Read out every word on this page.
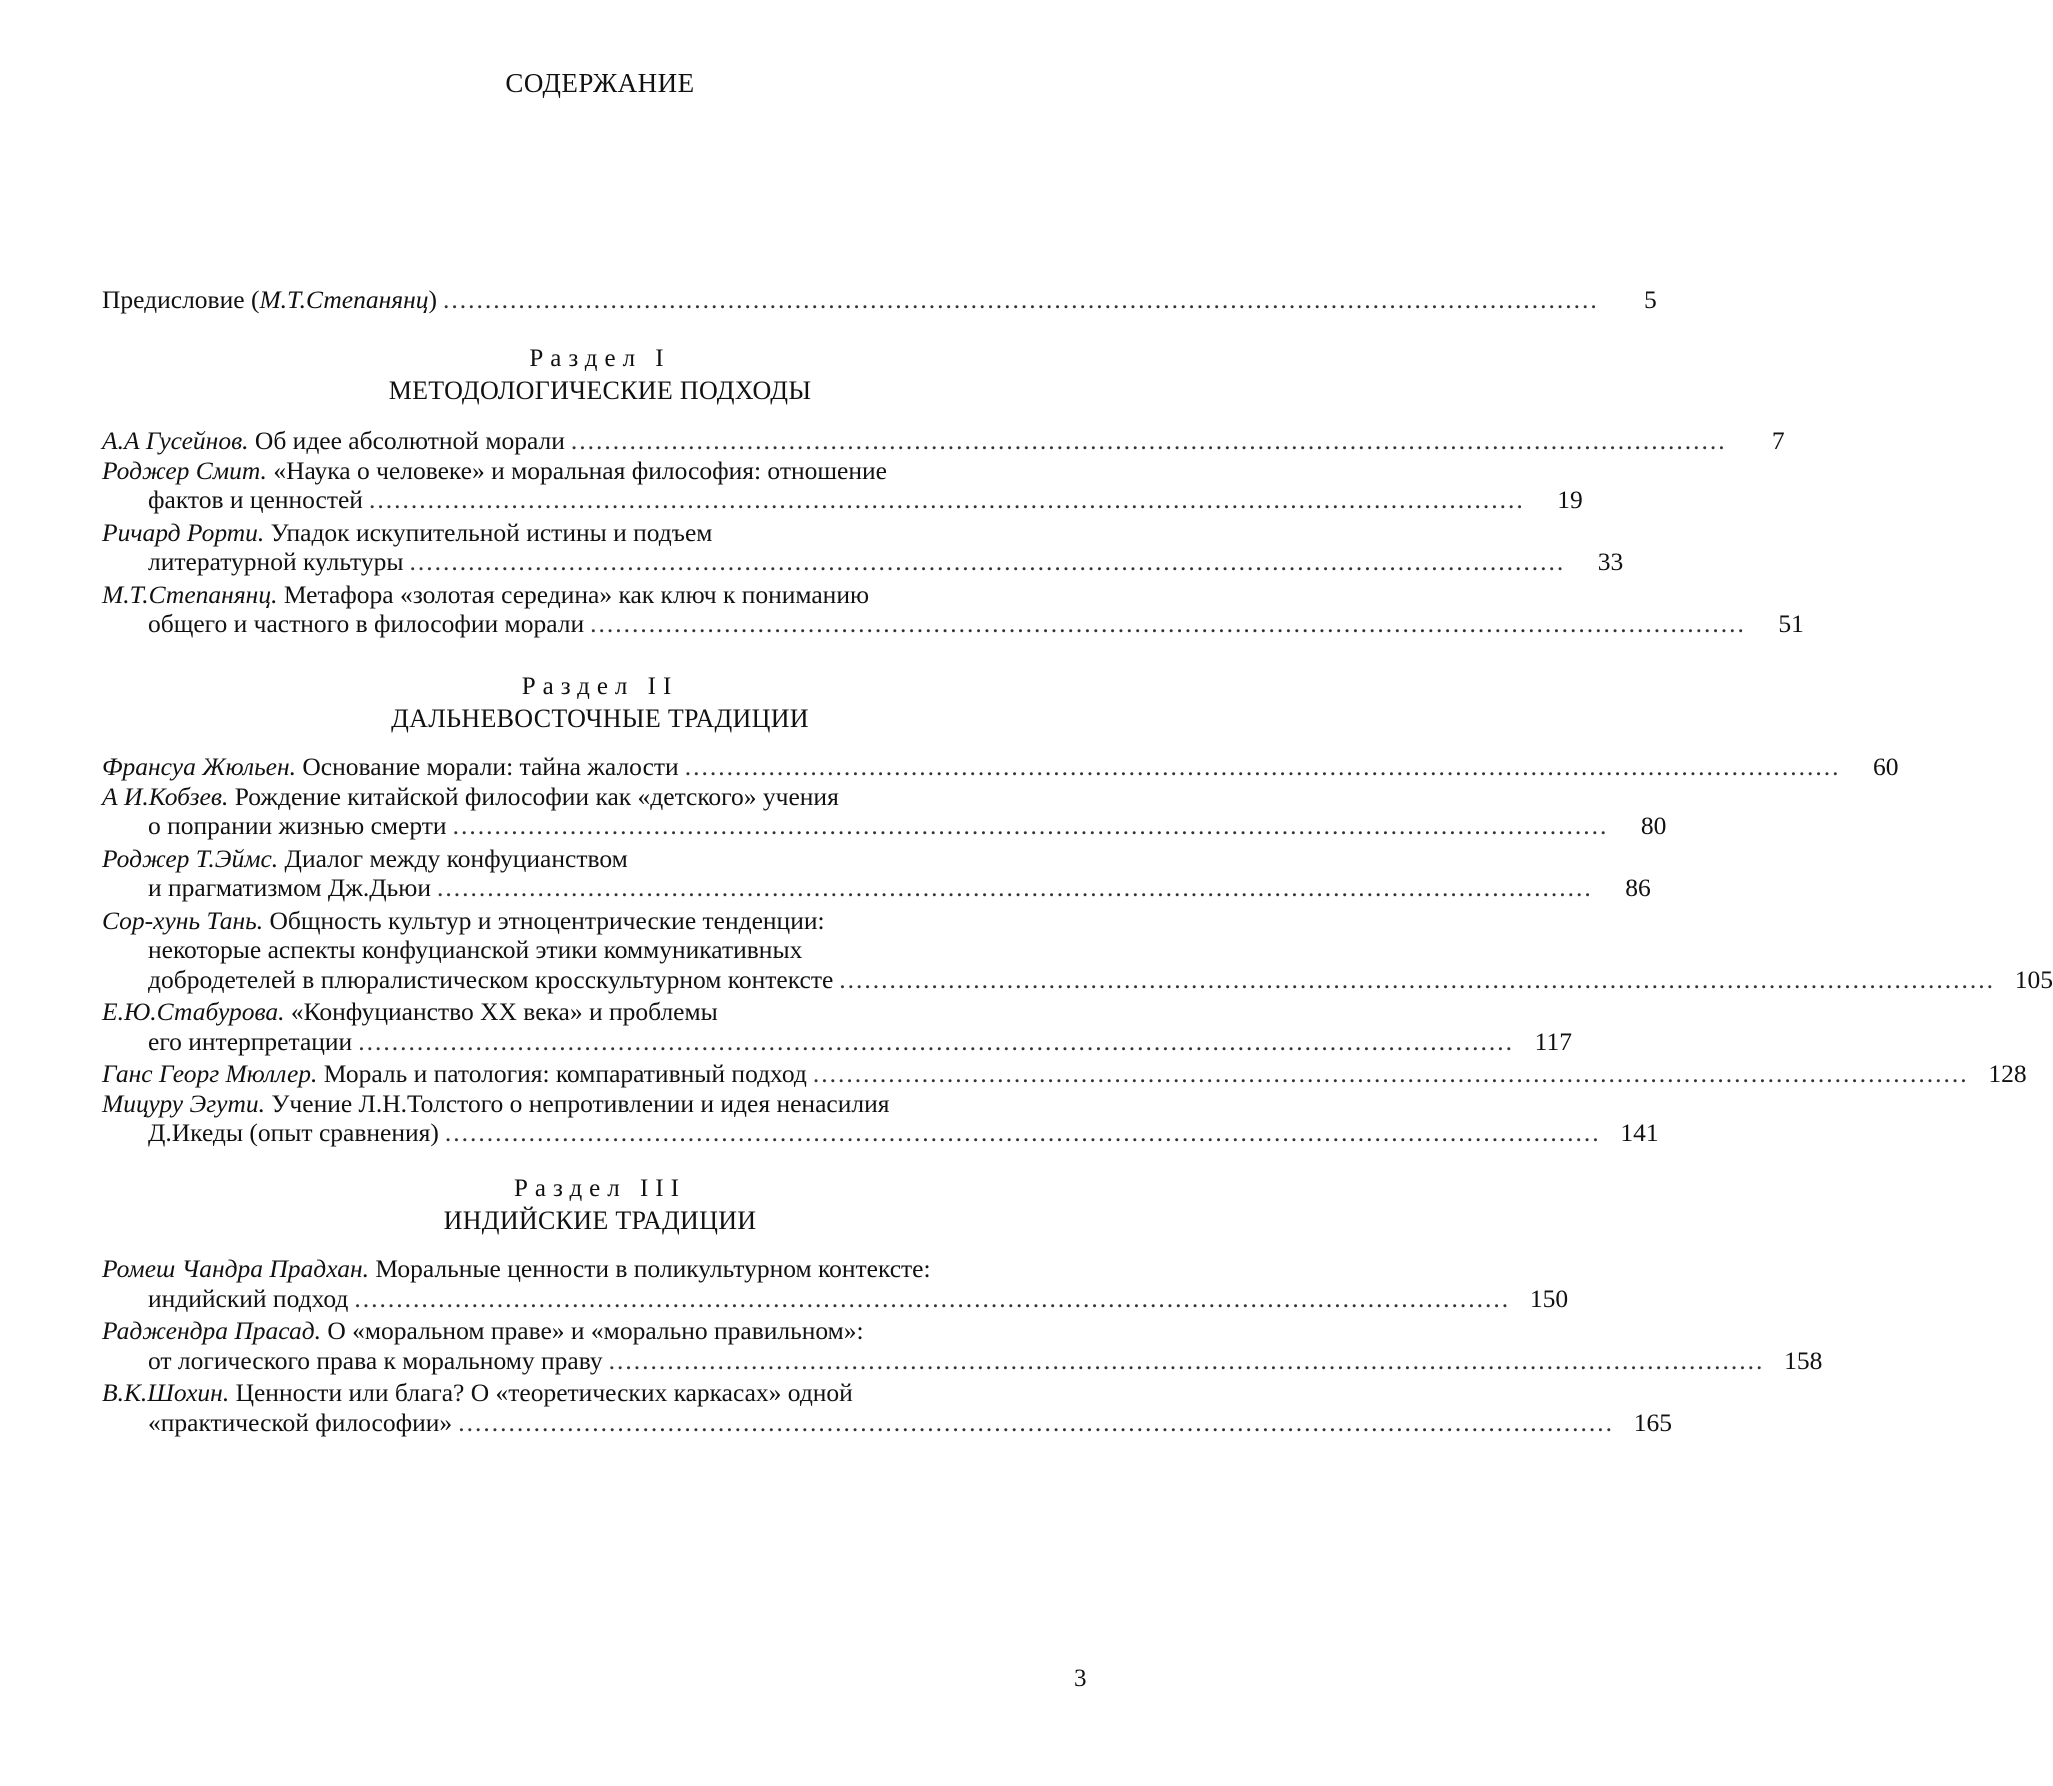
СОДЕРЖАНИЕ
Предисловие (М.Т.Степанянц) ..........................................................................................................................................	5
Раздел I
МЕТОДОЛОГИЧЕСКИЕ ПОДХОДЫ
А.А Гусейнов. Об идее абсолютной морали ..........................................................................................................................................	7
Роджер Смит. «Наука о человеке» и моральная философия: отношение
фактов и ценностей ..........................................................................................................................................	19
Ричард Рорти. Упадок искупительной истины и подъем
литературной культуры ..........................................................................................................................................	33
М.Т.Степанянц. Метафора «золотая середина» как ключ к пониманию
общего и частного в философии морали ..........................................................................................................................................	51
Раздел II
ДАЛЬНЕВОСТОЧНЫЕ ТРАДИЦИИ
Франсуа Жюльен. Основание морали: тайна жалости ..........................................................................................................................................	60
А И.Кобзев. Рождение китайской философии как «детского» учения
о попрании жизнью смерти ..........................................................................................................................................	80
Роджер Т.Эймс. Диалог между конфуцианством
и прагматизмом Дж.Дьюи ..........................................................................................................................................	86
Сор-хунь Тань. Общность культур и этноцентрические тенденции:
некоторые аспекты конфуцианской этики коммуникативных
добродетелей в плюралистическом кросскультурном контексте .......................................................................................................................................... 105
Е.Ю.Стабурова. «Конфуцианство XX века» и проблемы
его интерпретации .......................................................................................................................................... 117
Ганс Георг Мюллер. Мораль и патология: компаративный подход .......................................................................................................................................... 128
Мицуру Эгути. Учение Л.Н.Толстого о непротивлении и идея ненасилия
Д.Икеды (опыт сравнения) .......................................................................................................................................... 141
Раздел III
ИНДИЙСКИЕ ТРАДИЦИИ
Ромеш Чандра Прадхан. Моральные ценности в поликультурном контексте:
индийский подход .......................................................................................................................................... 150
Раджендра Прасад. О «моральном праве» и «морально правильном»:
от логического права к моральному праву .......................................................................................................................................... 158
В.К.Шохин. Ценности или блага? О «теоретических каркасах» одной
«практической философии» .......................................................................................................................................... 165
3
